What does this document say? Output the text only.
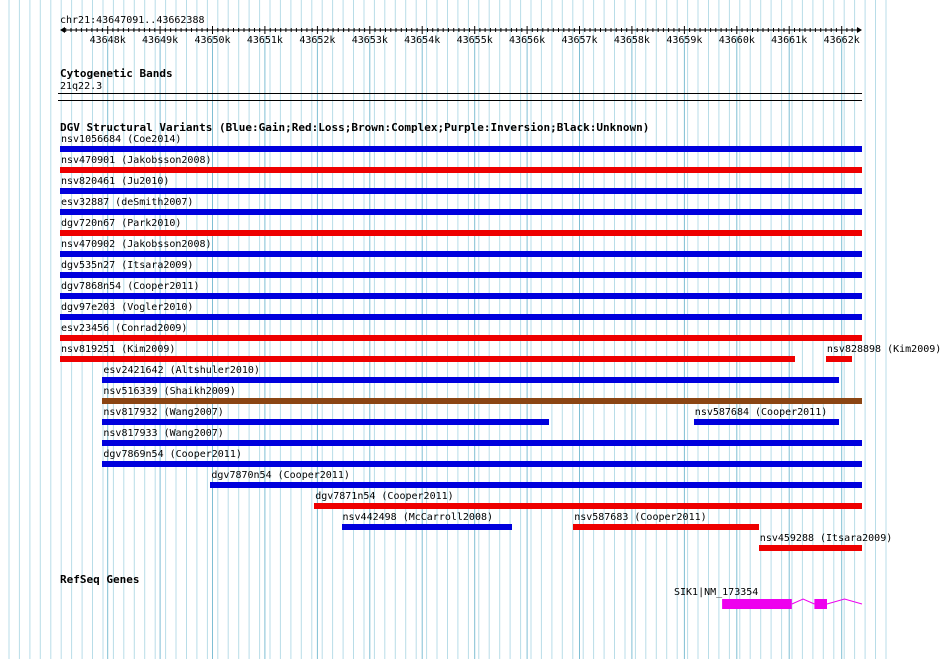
chr21:43647091..43662388
43648k 43649k 43650k 43651k 43652k 43653k 43654k 43655k 43656k 43657k 43658k 43659k 43660k 43661k 43662k
Cytogenetic Bands
21q22.3
DGV Structural Variants (Blue:Gain;Red:Loss;Brown:Complex;Purple:Inversion;Black:Unknown)
nsv1056684 (Coe2014)
nsv470901 (Jakobsson2008)
nsv820461 (Ju2010)
esv32887 (deSmith2007)
dgv720n67 (Park2010)
nsv470902 (Jakobsson2008)
dgv535n27 (Itsara2009)
dgv7868n54 (Cooper2011)
dgv97e203 (Vogler2010)
esv23456 (Conrad2009)
nsv819251 (Kim2009)	nsv828898 (Kim2009)
esv2421642 (Altshuler2010)
nsv516339 (Shaikh2009)
nsv817932 (Wang2007)	nsv587684 (Cooper2011)
nsv817933 (Wang2007)
dgv7869n54 (Cooper2011)
dgv7870n54 (Cooper2011)
dgv7871n54 (Cooper2011)
nsv442498 (McCarroll2008)	nsv587683 (Cooper2011)
nsv459288 (Itsara2009)
RefSeq Genes
SIK1|NM_173354
